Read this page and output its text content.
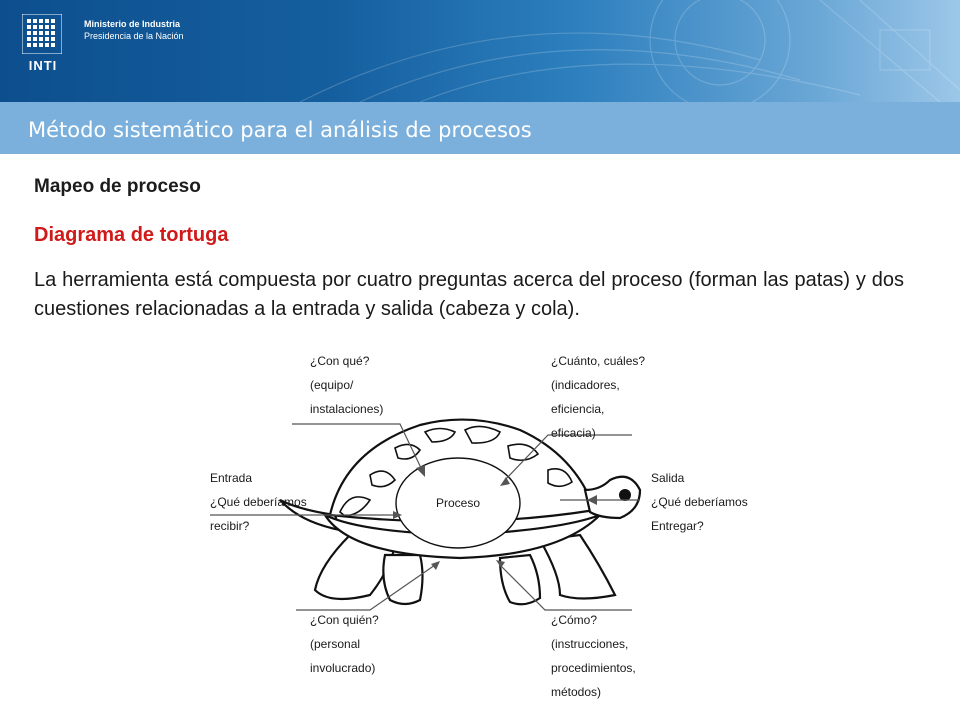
INTI
Ministerio de Industria
Presidencia de la Nación
Método sistemático para el análisis de procesos
Mapeo de proceso
Diagrama de tortuga
La herramienta está compuesta por cuatro preguntas acerca del proceso (forman las patas) y dos cuestiones relacionadas a la entrada y salida (cabeza y cola).
Proceso
¿Con qué? (equipo/ instalaciones)
¿Cuánto, cuáles? (indicadores, eficiencia, eficacia)
Entrada ¿Qué deberíamos recibir?
Salida ¿Qué deberíamos Entregar?
¿Con quién? (personal involucrado)
¿Cómo? (instrucciones, procedimientos, métodos)
